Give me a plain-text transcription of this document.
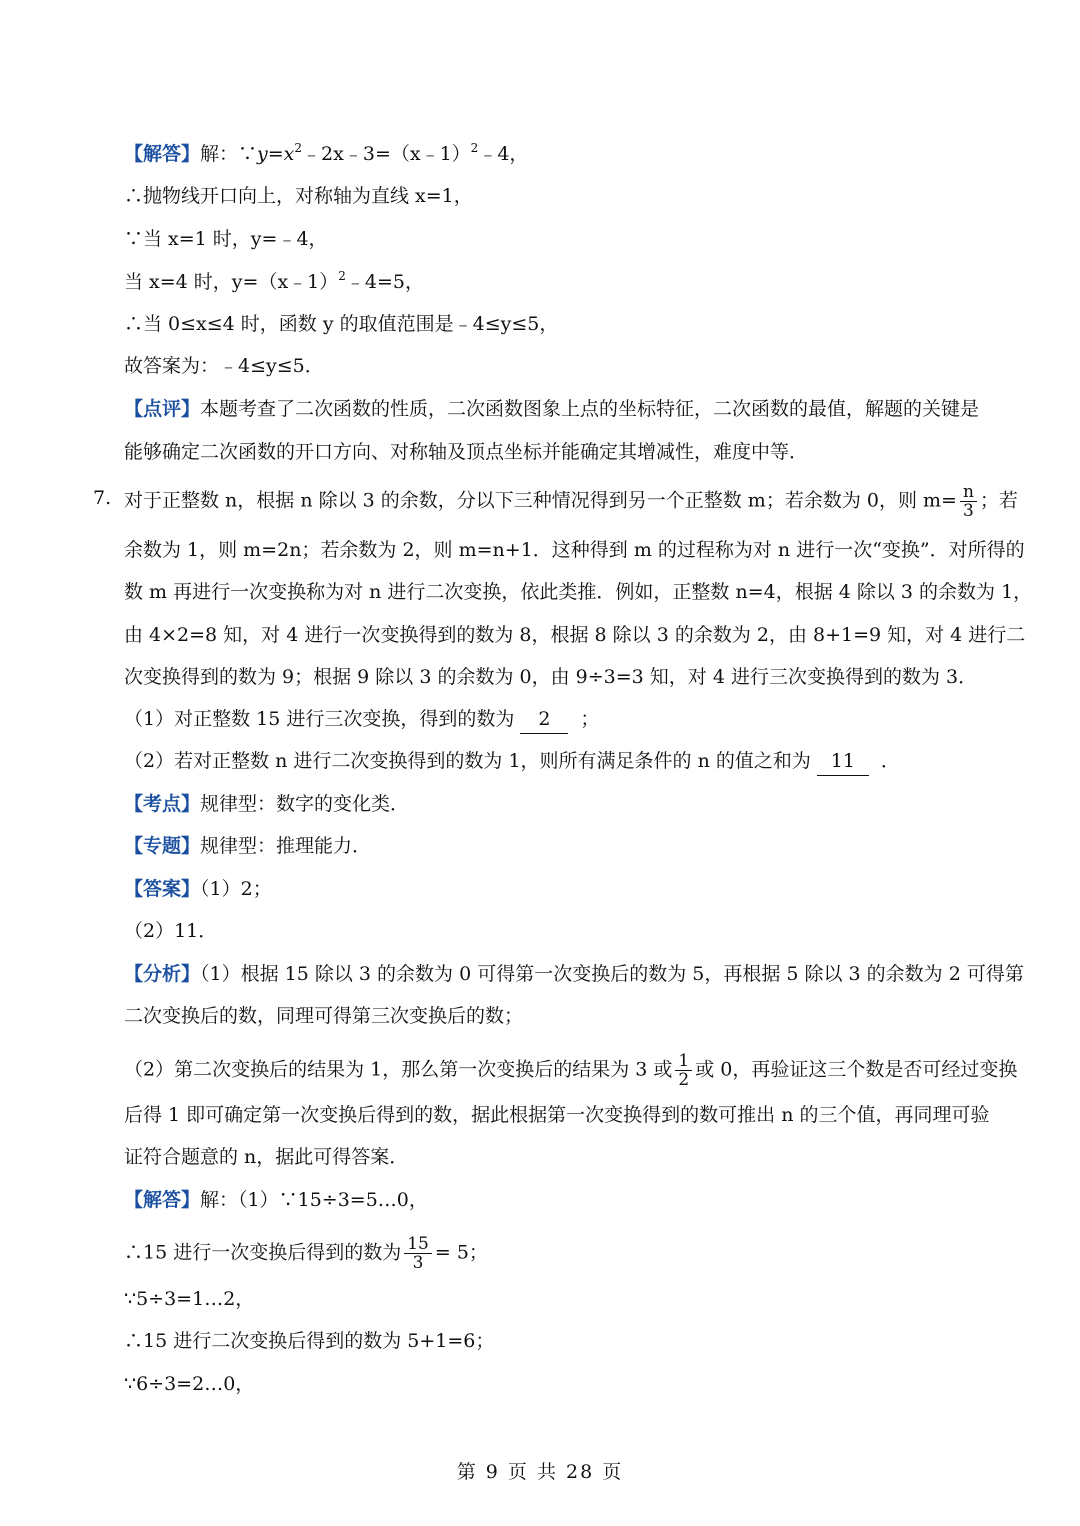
【解答】解：$\because y=x^2﹣2x﹣3=(x﹣1)^2﹣4$，
∴抛物线开口向上，对称轴为直线 x=1，
∵当 x=1 时，y=﹣4，
当 x=4 时，y=（x﹣1）$^2$﹣4=5，
∴当 0≤x≤4 时，函数 y 的取值范围是﹣4≤y≤5，
故答案为：﹣4≤y≤5．
【点评】本题考查了二次函数的性质，二次函数图象上点的坐标特征，二次函数的最值，解题的关键是
能够确定二次函数的开口方向、对称轴及顶点坐标并能确定其增减性，难度中等．
7. 对于正整数 n，根据 n 除以 3 的余数，分以下三种情况得到另一个正整数 m；若余数为 0，则 $m= \frac{n}{3}$ ；若
余数为 1，则 m=2n；若余数为 2，则 m=n+1．这种得到 m 的过程称为对 n 进行一次“变换”．对所得的
数 m 再进行一次变换称为对 n 进行二次变换，依此类推．例如，正整数 n=4，根据 4 除以 3 的余数为 1，
由 4×2=8 知，对 4 进行一次变换得到的数为 8，根据 8 除以 3 的余数为 2，由 8+1=9 知，对 4 进行二
次变换得到的数为 9；根据 9 除以 3 的余数为 0，由 9÷3=3 知，对 4 进行三次变换得到的数为 3．
（1）对正整数 15 进行三次变换，得到的数为 2 ；
（2）若对正整数 n 进行二次变换得到的数为 1，则所有满足条件的 n 的值之和为 11 ．
【考点】规律型：数字的变化类．
【专题】规律型：推理能力．
【答案】（1）2；
（2）11．
【分析】（1）根据 15 除以 3 的余数为 0 可得第一次变换后的数为 5，再根据 5 除以 3 的余数为 2 可得第
二次变换后的数，同理可得第三次变换后的数；
（2）第二次变换后的结果为 1，那么第一次变换后的结果为 3 或 $\frac{1}{2}$ 或 0，再验证这三个数是否可经过变换
后得 1 即可确定第一次变换后得到的数，据此根据第一次变换得到的数可推出 n 的三个值，再同理可验
证符合题意的 n，据此可得答案．
【解答】解：（1）∵15÷3=5…0，
∴15 进行一次变换后得到的数为 $\frac{15}{3} = 5$；
∵5÷3=1…2，
∴15 进行二次变换后得到的数为 5+1=6；
∵6÷3=2…0，
第 9 页 共 28 页
